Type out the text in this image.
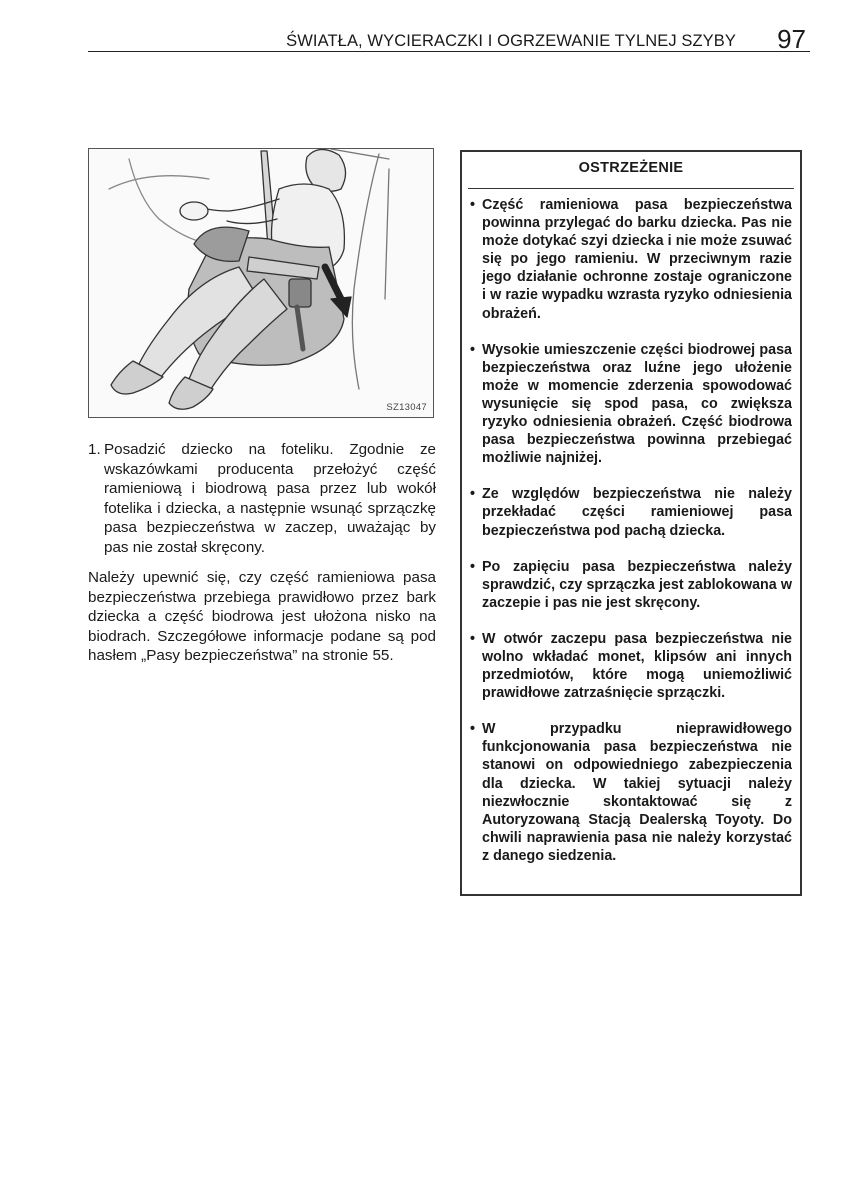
ŚWIATŁA, WYCIERACZKI I OGRZEWANIE TYLNEJ SZYBY 97
SZ13047
1. Posadzić dziecko na foteliku. Zgodnie ze wskazówkami producenta przełożyć część ramieniową i biodrową pasa przez lub wokół fotelika i dziecka, a następnie wsunąć sprzączkę pasa bezpieczeństwa w zaczep, uważając by pas nie został skręcony.
Należy upewnić się, czy część ramieniowa pasa bezpieczeństwa przebiega prawidłowo przez bark dziecka a część biodrowa jest ułożona nisko na biodrach. Szczegółowe informacje podane są pod hasłem „Pasy bezpieczeństwa” na stronie 55.
OSTRZEŻENIE
• Część ramieniowa pasa bezpieczeństwa powinna przylegać do barku dziecka. Pas nie może dotykać szyi dziecka i nie może zsuwać się po jego ramieniu. W przeciwnym razie jego działanie ochronne zostaje ograniczone i w razie wypadku wzrasta ryzyko odniesienia obrażeń.
• Wysokie umieszczenie części biodrowej pasa bezpieczeństwa oraz luźne jego ułożenie może w momencie zderzenia spowodować wysunięcie się spod pasa, co zwiększa ryzyko odniesienia obrażeń. Część biodrowa pasa bezpieczeństwa powinna przebiegać możliwie najniżej.
• Ze względów bezpieczeństwa nie należy przekładać części ramieniowej pasa bezpieczeństwa pod pachą dziecka.
• Po zapięciu pasa bezpieczeństwa należy sprawdzić, czy sprzączka jest zablokowana w zaczepie i pas nie jest skręcony.
• W otwór zaczepu pasa bezpieczeństwa nie wolno wkładać monet, klipsów ani innych przedmiotów, które mogą uniemożliwić prawidłowe zatrzaśnięcie sprzączki.
• W przypadku nieprawidłowego funkcjonowania pasa bezpieczeństwa nie stanowi on odpowiedniego zabezpieczenia dla dziecka. W takiej sytuacji należy niezwłocznie skontaktować się z Autoryzowaną Stacją Dealerską Toyoty. Do chwili naprawienia pasa nie należy korzystać z danego siedzenia.
